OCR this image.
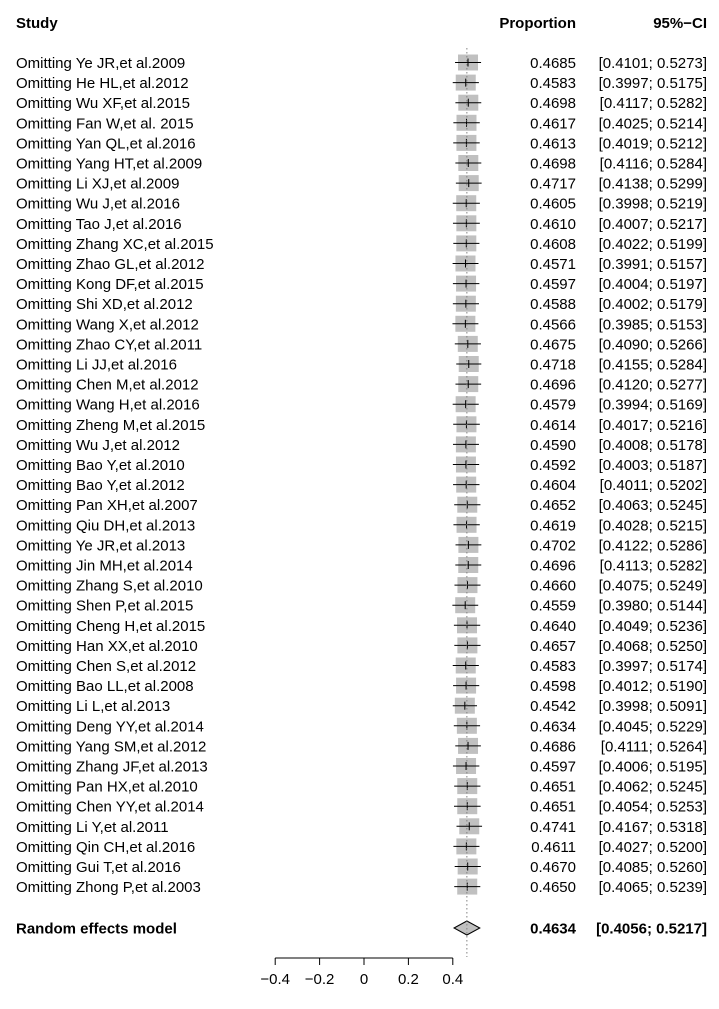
Study	Proportion	95%−CI
Omitting Ye JR,et al.2009	0.4685 [0.4101; 0.5273]
Omitting He HL,et al.2012	0.4583 [0.3997; 0.5175]
Omitting Wu XF,et al.2015	0.4698 [0.4117; 0.5282]
Omitting Fan W,et al. 2015	0.4617 [0.4025; 0.5214]
Omitting Yan QL,et al.2016	0.4613 [0.4019; 0.5212]
Omitting Yang HT,et al.2009	0.4698 [0.4116; 0.5284]
Omitting Li XJ,et al.2009	0.4717 [0.4138; 0.5299]
Omitting Wu J,et al.2016	0.4605 [0.3998; 0.5219]
Omitting Tao J,et al.2016	0.4610 [0.4007; 0.5217]
Omitting Zhang XC,et al.2015	0.4608 [0.4022; 0.5199]
Omitting Zhao GL,et al.2012	0.4571 [0.3991; 0.5157]
Omitting Kong DF,et al.2015	0.4597 [0.4004; 0.5197]
Omitting Shi XD,et al.2012	0.4588 [0.4002; 0.5179]
Omitting Wang X,et al.2012	0.4566 [0.3985; 0.5153]
Omitting Zhao CY,et al.2011	0.4675 [0.4090; 0.5266]
Omitting Li JJ,et al.2016	0.4718 [0.4155; 0.5284]
Omitting Chen M,et al.2012	0.4696 [0.4120; 0.5277]
Omitting Wang H,et al.2016	0.4579 [0.3994; 0.5169]
Omitting Zheng M,et al.2015	0.4614 [0.4017; 0.5216]
Omitting Wu J,et al.2012	0.4590 [0.4008; 0.5178]
Omitting Bao Y,et al.2010	0.4592 [0.4003; 0.5187]
Omitting Bao Y,et al.2012	0.4604 [0.4011; 0.5202]
Omitting Pan XH,et al.2007	0.4652 [0.4063; 0.5245]
Omitting Qiu DH,et al.2013	0.4619 [0.4028; 0.5215]
Omitting Ye JR,et al.2013	0.4702 [0.4122; 0.5286]
Omitting Jin MH,et al.2014	0.4696 [0.4113; 0.5282]
Omitting Zhang S,et al.2010	0.4660 [0.4075; 0.5249]
Omitting Shen P,et al.2015	0.4559 [0.3980; 0.5144]
Omitting Cheng H,et al.2015	0.4640 [0.4049; 0.5236]
Omitting Han XX,et al.2010	0.4657 [0.4068; 0.5250]
Omitting Chen S,et al.2012	0.4583 [0.3997; 0.5174]
Omitting Bao LL,et al.2008	0.4598 [0.4012; 0.5190]
Omitting Li L,et al.2013	0.4542 [0.3998; 0.5091]
Omitting Deng YY,et al.2014	0.4634 [0.4045; 0.5229]
Omitting Yang SM,et al.2012	0.4686 [0.4111; 0.5264]
Omitting Zhang JF,et al.2013	0.4597 [0.4006; 0.5195]
Omitting Pan HX,et al.2010	0.4651 [0.4062; 0.5245]
Omitting Chen YY,et al.2014	0.4651 [0.4054; 0.5253]
Omitting Li Y,et al.2011	0.4741 [0.4167; 0.5318]
Omitting Qin CH,et al.2016	0.4611 [0.4027; 0.5200]
Omitting Gui T,et al.2016	0.4670 [0.4085; 0.5260]
Omitting Zhong P,et al.2003	0.4650 [0.4065; 0.5239]
Random effects model	0.4634 [0.4056; 0.5217]
−0.4 −0.2 0 0.2 0.4
